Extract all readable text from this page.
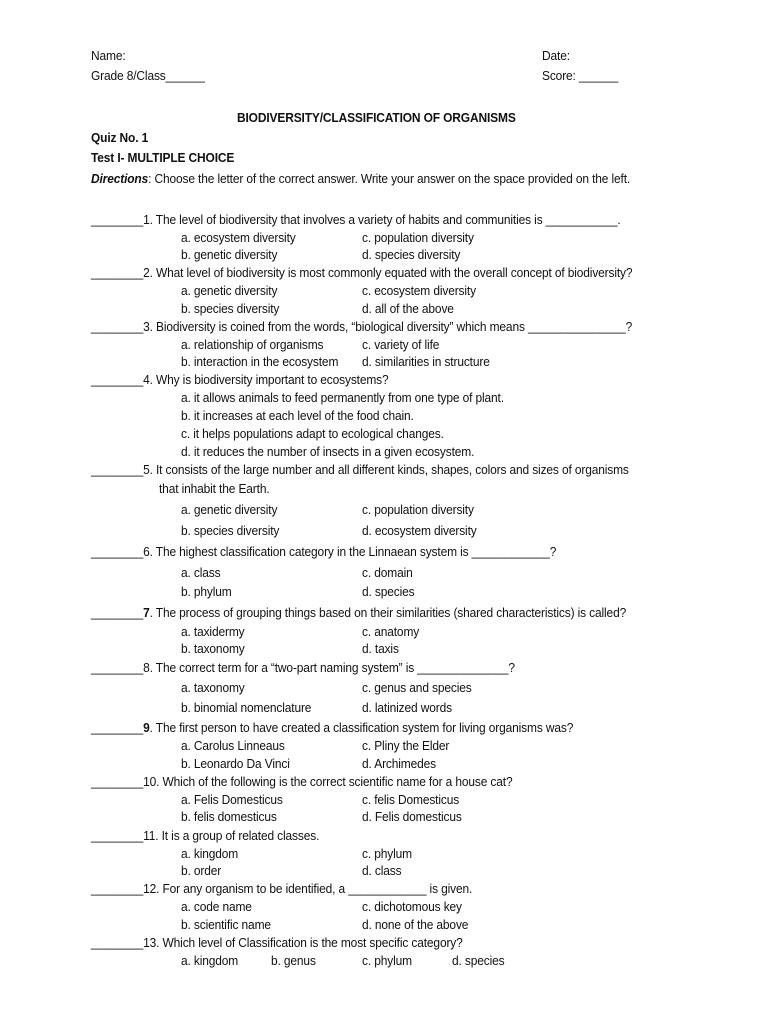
Name:
Grade 8/Class______
Date:
Score: ______
BIODIVERSITY/CLASSIFICATION OF ORGANISMS
Quiz No. 1
Test I- MULTIPLE CHOICE
Directions: Choose the letter of the correct answer. Write your answer on the space provided on the left.
________1. The level of biodiversity that involves a variety of habits and communities is ___________.
a. ecosystem diversity	c. population diversity
b. genetic diversity	d. species diversity
________2. What level of biodiversity is most commonly equated with the overall concept of biodiversity?
a. genetic diversity	c. ecosystem diversity
b. species diversity	d. all of the above
________3. Biodiversity is coined from the words, “biological diversity” which means _______________?
a. relationship of organisms	c. variety of life
b. interaction in the ecosystem d. similarities in structure
________4. Why is biodiversity important to ecosystems?
a. it allows animals to feed permanently from one type of plant.
b. it increases at each level of the food chain.
c. it helps populations adapt to ecological changes.
d. it reduces the number of insects in a given ecosystem.
________5. It consists of the large number and all different kinds, shapes, colors and sizes of organisms
that inhabit the Earth.
a. genetic diversity	c. population diversity
b. species diversity	d. ecosystem diversity
________6. The highest classification category in the Linnaean system is ____________?
a. class	c. domain
b. phylum	d. species
________7. The process of grouping things based on their similarities (shared characteristics) is called?
a. taxidermy	c. anatomy
b. taxonomy	d. taxis
________8. The correct term for a “two-part naming system” is ______________?
a. taxonomy	c. genus and species
b. binomial nomenclature	d. latinized words
________9. The first person to have created a classification system for living organisms was?
a. Carolus Linneaus	c. Pliny the Elder
b. Leonardo Da Vinci	d. Archimedes
________10. Which of the following is the correct scientific name for a house cat?
a. Felis Domesticus	c. felis Domesticus
b. felis domesticus	d. Felis domesticus
________11. It is a group of related classes.
a. kingdom	c. phylum
b. order	d. class
________12. For any organism to be identified, a ____________ is given.
a. code name	c. dichotomous key
b. scientific name	d. none of the above
________13. Which level of Classification is the most specific category?
a. kingdom	b. genus	c. phylum	d. species
